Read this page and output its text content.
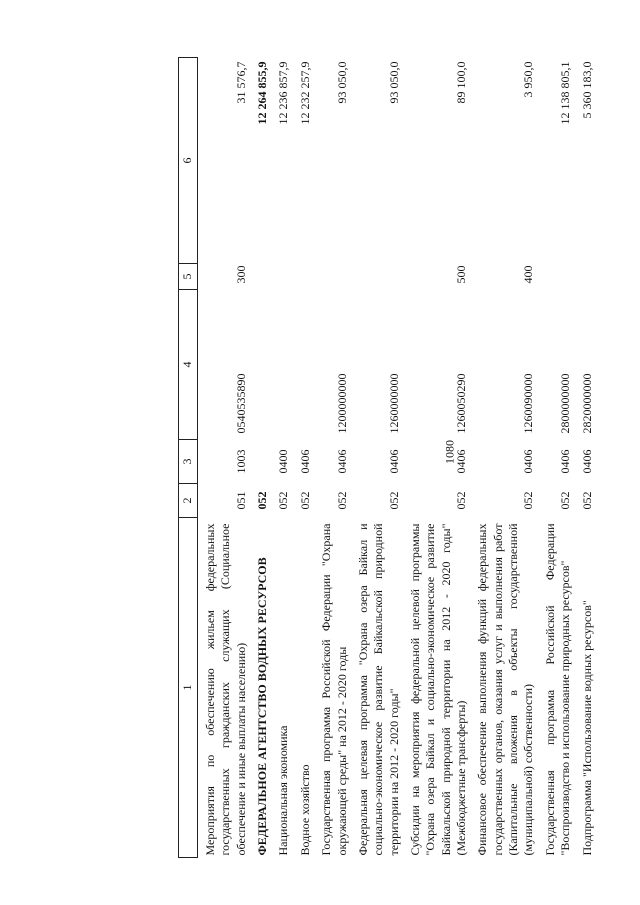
1080
1	2	3	4	5	6

Мероприятия по обеспечению жильем федеральных государственных гражданских служащих (Социальное обеспечение и иные выплаты населению)	051	1003	0540535890	300	31 576,7
ФЕДЕРАЛЬНОЕ АГЕНТСТВО ВОДНЫХ РЕСУРСОВ	052				12 264 855,9
Национальная экономика	052	0400			12 236 857,9
Водное хозяйство	052	0406			12 232 257,9
Государственная программа Российской Федерации "Охрана окружающей среды" на 2012 - 2020 годы	052	0406	1200000000		93 050,0
Федеральная целевая программа "Охрана озера Байкал и социально-экономическое развитие Байкальской природной территории на 2012 - 2020 годы"	052	0406	1260000000		93 050,0
Субсидии на мероприятия федеральной целевой программы "Охрана озера Байкал и социально-экономическое развитие Байкальской природной территории на 2012 - 2020 годы" (Межбюджетные трансферты)	052	0406	1260050290	500	89 100,0
Финансовое обеспечение выполнения функций федеральных государственных органов, оказания услуг и выполнения работ (Капитальные вложения в объекты государственной (муниципальной) собственности)	052	0406	1260090000	400	3 950,0
Государственная программа Российской Федерации "Воспроизводство и использование природных ресурсов"	052	0406	2800000000		12 138 805,1
Подпрограмма "Использование водных ресурсов"	052	0406	2820000000		5 360 183,0
